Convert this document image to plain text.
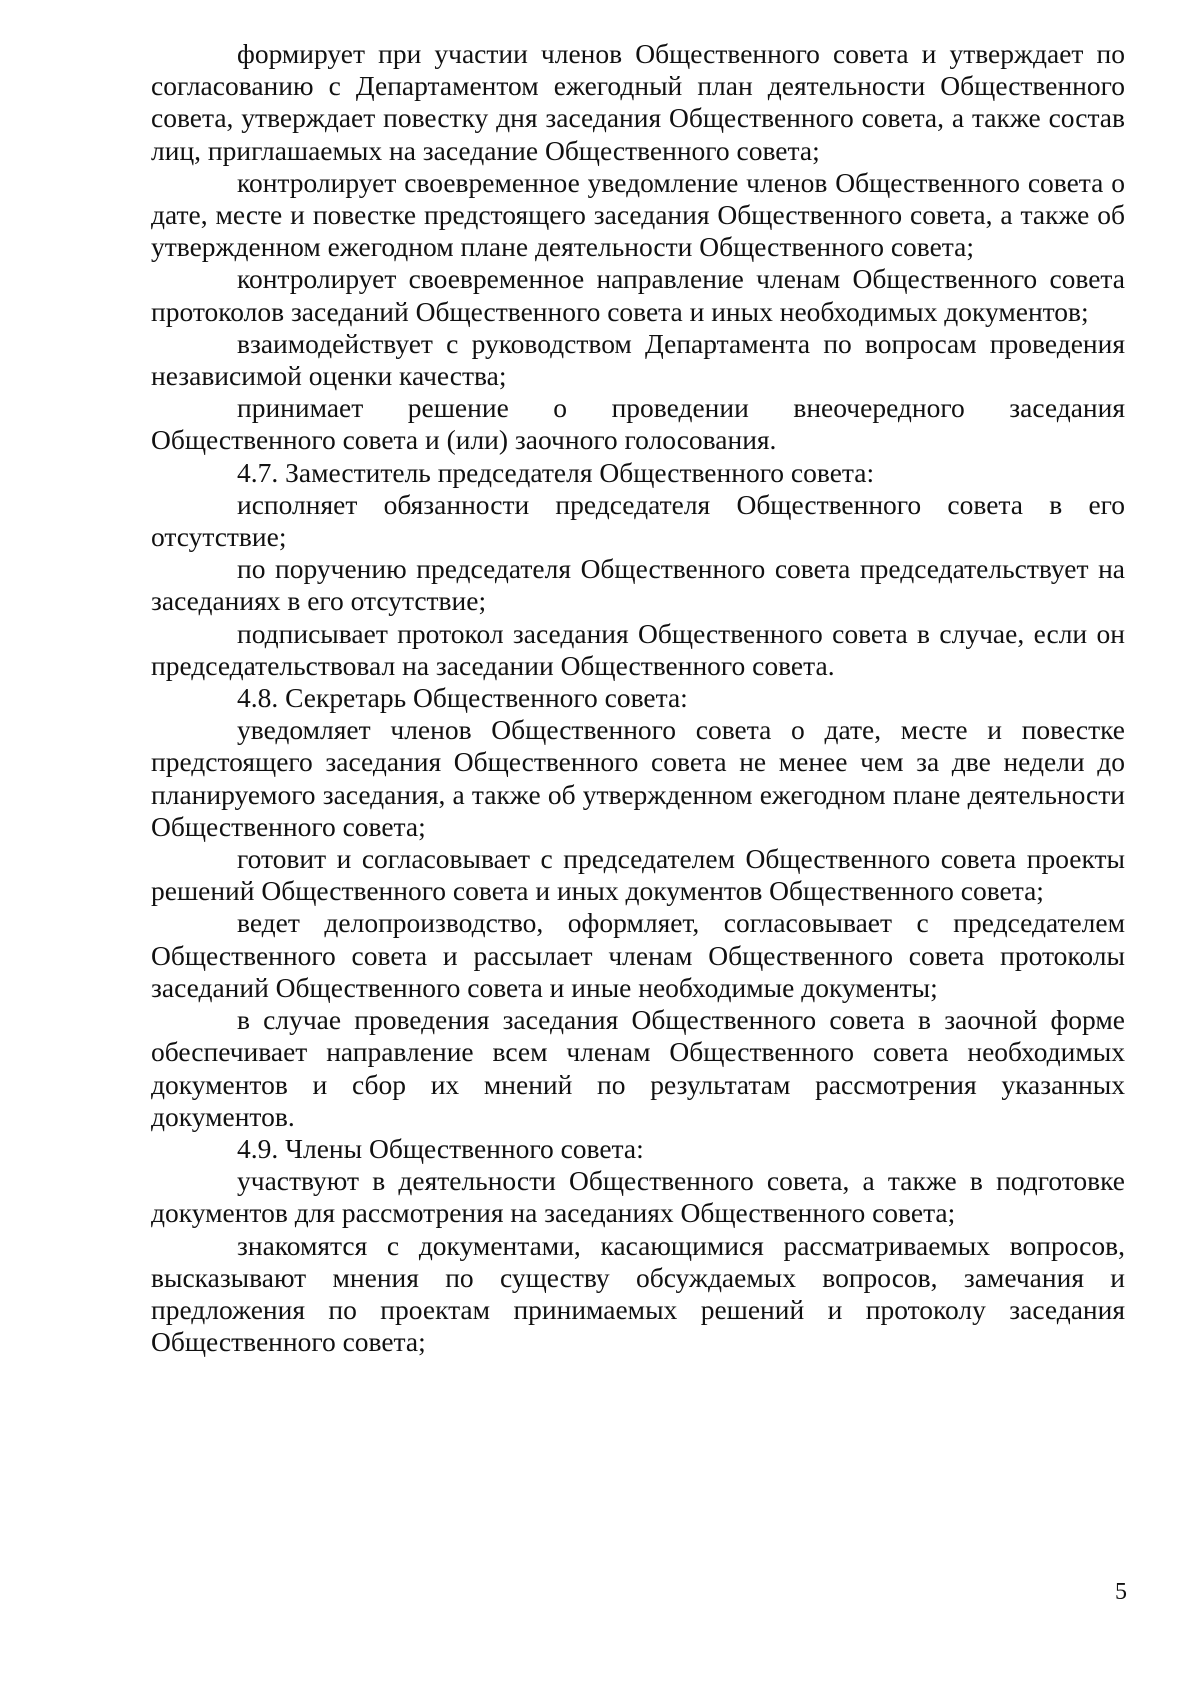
формирует при участии членов Общественного совета и утверждает по согласованию с Департаментом ежегодный план деятельности Общественного совета, утверждает повестку дня заседания Общественного совета, а также состав лиц, приглашаемых на заседание Общественного совета;

контролирует своевременное уведомление членов Общественного совета о дате, месте и повестке предстоящего заседания Общественного совета, а также об утвержденном ежегодном плане деятельности Общественного совета;

контролирует своевременное направление членам Общественного совета протоколов заседаний Общественного совета и иных необходимых документов;

взаимодействует с руководством Департамента по вопросам проведения независимой оценки качества;

принимает решение о проведении внеочередного заседания Общественного совета и (или) заочного голосования.

4.7. Заместитель председателя Общественного совета:

исполняет обязанности председателя Общественного совета в его отсутствие;

по поручению председателя Общественного совета председательствует на заседаниях в его отсутствие;

подписывает протокол заседания Общественного совета в случае, если он председательствовал на заседании Общественного совета.

4.8. Секретарь Общественного совета:

уведомляет членов Общественного совета о дате, месте и повестке предстоящего заседания Общественного совета не менее чем за две недели до планируемого заседания, а также об утвержденном ежегодном плане деятельности Общественного совета;

готовит и согласовывает с председателем Общественного совета проекты решений Общественного совета и иных документов Общественного совета;

ведет делопроизводство, оформляет, согласовывает с председателем Общественного совета и рассылает членам Общественного совета протоколы заседаний Общественного совета и иные необходимые документы;

в случае проведения заседания Общественного совета в заочной форме обеспечивает направление всем членам Общественного совета необходимых документов и сбор их мнений по результатам рассмотрения указанных документов.

4.9. Члены Общественного совета:

участвуют в деятельности Общественного совета, а также в подготовке документов для рассмотрения на заседаниях Общественного совета;

знакомятся с документами, касающимися рассматриваемых вопросов, высказывают мнения по существу обсуждаемых вопросов, замечания и предложения по проектам принимаемых решений и протоколу заседания Общественного совета;

5
